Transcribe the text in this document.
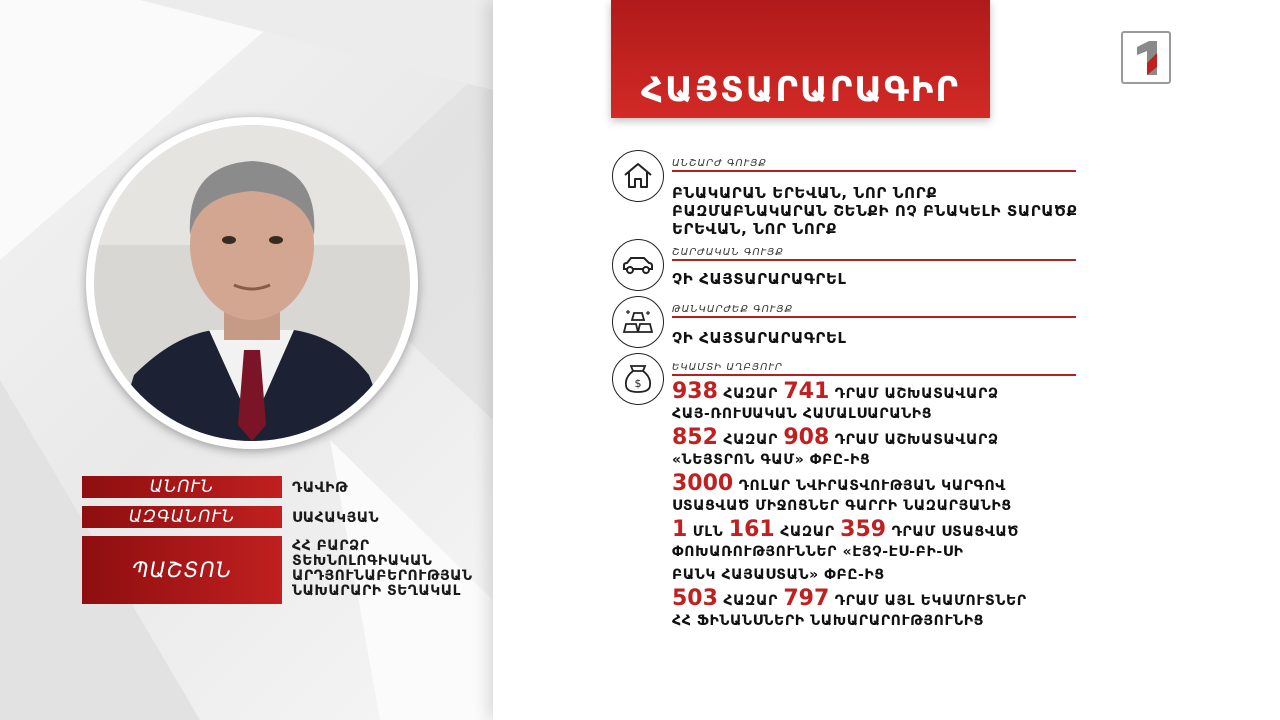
ԱՆՈՒՆ	ԴԱՎԻԹ
ԱԶԳԱՆՈՒՆ	ՍԱՀԱԿՅԱՆ
ՊԱՇՏՈՆ
ՀՀ ԲԱՐՁՐ
ՏԵԽՆՈԼՈԳԻԱԿԱՆ
ԱՐԴՅՈՒՆԱԲԵՐՈՒԹՅԱՆ
ՆԱԽԱՐԱՐԻ ՏԵՂԱԿԱԼ
ՀԱՅՏԱՐԱՐԱԳԻՐ
ԱՆՇԱՐԺ ԳՈՒՅՔ
ԲՆԱԿԱՐԱՆ ԵՐԵՎԱՆ, ՆՈՐ ՆՈՐՔ
ԲԱԶՄԱԲՆԱԿԱՐԱՆ ՇԵՆՔԻ ՈՉ ԲՆԱԿԵԼԻ ՏԱՐԱԾՔ
ԵՐԵՎԱՆ, ՆՈՐ ՆՈՐՔ
ՇԱՐԺԱԿԱՆ ԳՈՒՅՔ
ՉԻ ՀԱՅՏԱՐԱՐԱԳՐԵԼ
ԹԱՆԿԱՐԺԵՔ ԳՈՒՅՔ
ՉԻ ՀԱՅՏԱՐԱՐԱԳՐԵԼ
$
ԵԿԱՄՏԻ ԱՂԲՅՈՒՐ
938 ՀԱԶԱՐ 741 ԴՐԱՄ ԱՇԽԱՏԱՎԱՐՁ
ՀԱՅ-ՌՈՒՍԱԿԱՆ ՀԱՄԱԼՍԱՐԱՆԻՑ
852 ՀԱԶԱՐ 908 ԴՐԱՄ ԱՇԽԱՏԱՎԱՐՁ
«ՆԵՅՏՐՈՆ ԳԱՄ» ՓԲԸ-ԻՑ
3000 ԴՈԼԱՐ ՆՎԻՐԱՏՎՈՒԹՅԱՆ ԿԱՐԳՈՎ
ՍՏԱՑՎԱԾ ՄԻՋՈՑՆԵՐ ԳԱՐՐԻ ՆԱԶԱՐՅԱՆԻՑ
1 ՄԼՆ 161 ՀԱԶԱՐ 359 ԴՐԱՄ ՍՏԱՑՎԱԾ
ՓՈԽԱՌՈՒԹՅՈՒՆՆԵՐ «ԷՅՉ-ԷՍ-ԲԻ-ՍԻ
ԲԱՆԿ ՀԱՅԱՍՏԱՆ» ՓԲԸ-ԻՑ
503 ՀԱԶԱՐ 797 ԴՐԱՄ ԱՅԼ ԵԿԱՄՈՒՏՆԵՐ
ՀՀ ՖԻՆԱՆՍՆԵՐԻ ՆԱԽԱՐԱՐՈՒԹՅՈՒՆԻՑ
